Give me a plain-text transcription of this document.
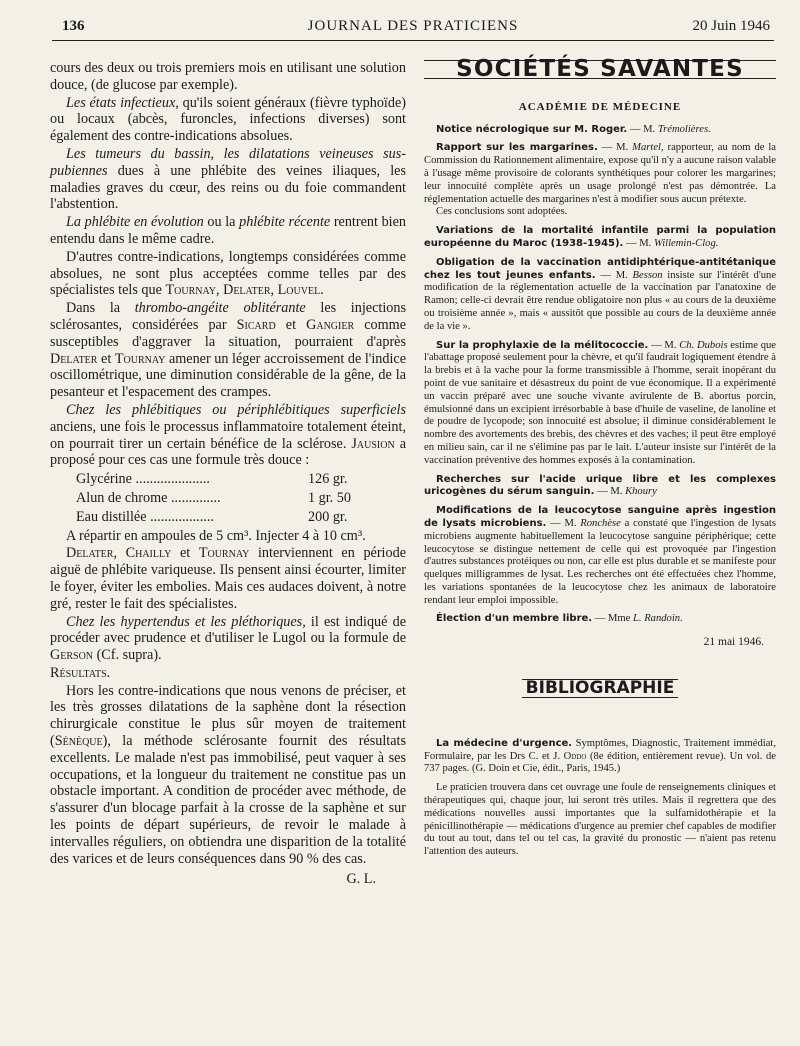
136	JOURNAL DES PRATICIENS	20 Juin 1946

cours des deux ou trois premiers mois en utilisant une solution douce, (de glucose par exemple).

Les états infectieux, qu'ils soient généraux (fièvre typhoïde) ou locaux (abcès, furoncles, infections diverses) sont également des contre-indications absolues.

Les tumeurs du bassin, les dilatations veineuses sus-pubiennes dues à une phlébite des veines iliaques, les maladies graves du cœur, des reins ou du foie commandent l'abstention.

La phlébite en évolution ou la phlébite récente rentrent bien entendu dans le même cadre.

D'autres contre-indications, longtemps considérées comme absolues, ne sont plus acceptées comme telles par des spécialistes tels que Tournay, Delater, Louvel.

Dans la thrombo-angéite oblitérante les injections sclérosantes, considérées par Sicard et Gangier comme susceptibles d'aggraver la situation, pourraient d'après Delater et Tournay amener un léger accroissement de l'indice oscillométrique, une diminution considérable de la gêne, de la pesanteur et l'espacement des crampes.

Chez les phlébitiques ou périphlébitiques superficiels anciens, une fois le processus inflammatoire totalement éteint, on pourrait tirer un certain bénéfice de la sclérose. Jausion a proposé pour ces cas une formule très douce :

Glycérine .....................	126 gr.
Alun de chrome ..............	1 gr. 50
Eau distillée ..................	200 gr.

A répartir en ampoules de 5 cm³. Injecter 4 à 10 cm³.

Delater, Chailly et Tournay interviennent en période aiguë de phlébite variqueuse. Ils pensent ainsi écourter, limiter le foyer, éviter les embolies. Mais ces audaces doivent, à notre gré, rester le fait des spécialistes.

Chez les hypertendus et les pléthoriques, il est indiqué de procéder avec prudence et d'utiliser le Lugol ou la formule de Gerson (Cf. supra).

Résultats.

Hors les contre-indications que nous venons de préciser, et les très grosses dilatations de la saphène dont la résection chirurgicale constitue le plus sûr moyen de traitement (Sénèque), la méthode sclérosante fournit des résultats excellents. Le malade n'est pas immobilisé, peut vaquer à ses occupations, et la longueur du traitement ne constitue pas un obstacle important. A condition de procéder avec méthode, de s'assurer d'un blocage parfait à la crosse de la saphène et sur les points de départ supérieurs, de revoir le malade à intervalles réguliers, on obtiendra une disparition de la totalité des varices et de leurs conséquences dans 90 % des cas.

G. L.
SOCIÉTÉS SAVANTES
ACADÉMIE DE MÉDECINE

Notice nécrologique sur M. Roger. — M. Trémolières.

Rapport sur les margarines. — M. Martel, rapporteur, au nom de la Commission du Rationnement alimentaire, expose qu'il n'y a aucune raison valable à l'usage même provisoire de colorants synthétiques pour colorer les margarines; leur innocuité complète après un usage prolongé n'est pas démontrée. La réglementation actuelle des margarines n'est à modifier sous aucun prétexte.

Ces conclusions sont adoptées.

Variations de la mortalité infantile parmi la population européenne du Maroc (1938-1945). — M. Willemin-Clog.

Obligation de la vaccination antidiphtérique-antitétanique chez les tout jeunes enfants. — M. Besson insiste sur l'intérêt d'une modification de la réglementation actuelle de la vaccination par l'anatoxine de Ramon; celle-ci devrait être rendue obligatoire non plus « au cours de la deuxième ou troisième année », mais « aussitôt que possible au cours de la deuxième année de la vie ».

Sur la prophylaxie de la mélitococcie. — M. Ch. Dubois estime que l'abattage proposé seulement pour la chèvre, et qu'il faudrait logiquement étendre à la brebis et à la vache pour la forme transmissible à l'homme, serait inopérant du point de vue sanitaire et désastreux du point de vue économique. Il a expérimenté un vaccin préparé avec une souche vivante avirulente de B. abortus porcin, émulsionné dans un excipient irrésorbable à base d'huile de vaseline, de lanoline et de poudre de lycopode; son innocuité est absolue; il diminue considérablement le nombre des avortements des brebis, des chèvres et des vaches; il peut être employé en milieu sain, car il ne s'élimine pas par le lait. L'auteur insiste sur l'intérêt de la vaccination préventive des hommes exposés à la contamination.

Recherches sur l'acide urique libre et les complexes uricogènes du sérum sanguin. — M. Khoury

Modifications de la leucocytose sanguine après ingestion de lysats microbiens. — M. Ronchèse a constaté que l'ingestion de lysats microbiens augmente habituellement la leucocytose sanguine périphérique; cette leucocytose se distingue nettement de celle qui est provoquée par l'ingestion d'autres substances protéiques ou non, car elle est plus durable et se manifeste pour quelques milligrammes de lysat. Les recherches ont été effectuées chez l'homme, les variations spontanées de la leucocytose chez les animaux de laboratoire rendant leur emploi impossible.

Élection d'un membre libre. — Mme L. Randoin.

21 mai 1946.
BIBLIOGRAPHIE

La médecine d'urgence. Symptômes, Diagnostic, Traitement immédiat, Formulaire, par les Drs C. et J. Oddo (8e édition, entièrement revue). Un vol. de 737 pages. (G. Doin et Cie, édit., Paris, 1945.)

Le praticien trouvera dans cet ouvrage une foule de renseignements cliniques et thérapeutiques qui, chaque jour, lui seront très utiles. Mais il regrettera que des médications nouvelles aussi importantes que la sulfamidothérapie et la pénicillinothérapie — médications d'urgence au premier chef capables de modifier du tout au tout, dans tel ou tel cas, la gravité du pronostic — n'aient pas retenu l'attention des auteurs.
